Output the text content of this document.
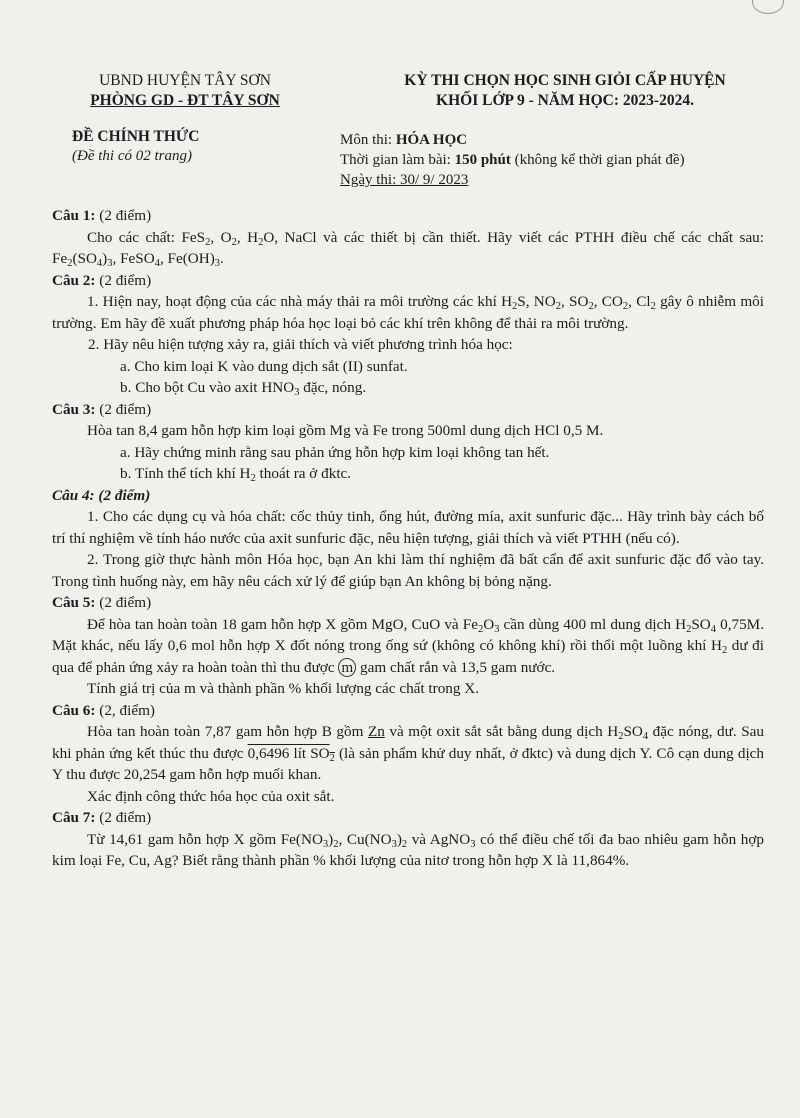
UBND HUYỆN TÂY SƠN
PHÒNG GD - ĐT TÂY SƠN
KỲ THI CHỌN HỌC SINH GIỎI CẤP HUYỆN
KHỐI LỚP 9 - NĂM HỌC: 2023-2024.
ĐỀ CHÍNH THỨC
(Đề thi có 02 trang)
Môn thi: HÓA HỌC
Thời gian làm bài: 150 phút (không kể thời gian phát đề)
Ngày thi: 30/ 9/ 2023

Câu 1: (2 điểm)

Cho các chất: FeS$_2$, $O_2$, $H_2O$, NaCl và các thiết bị cần thiết. Hãy viết các PTHH điều chế các chất sau: $Fe_2(SO_4)_3$, FeSO$_4$, $Fe(OH)_3$.

Câu 2: (2 điểm)

1. Hiện nay, hoạt động của các nhà máy thải ra môi trường các khí $H_2S$, $NO_2$, $SO_2$, $CO_2$, $Cl_2$ gây ô nhiễm môi trường. Em hãy đề xuất phương pháp hóa học loại bỏ các khí trên không để thải ra môi trường.

2. Hãy nêu hiện tượng xảy ra, giải thích và viết phương trình hóa học:

a. Cho kim loại K vào dung dịch sắt (II) sunfat.

b. Cho bột Cu vào axit $HNO_3$ đặc, nóng.

Câu 3: (2 điểm)

Hòa tan 8,4 gam hỗn hợp kim loại gồm Mg và Fe trong 500ml dung dịch HCl 0,5 M.

a. Hãy chứng minh rằng sau phản ứng hỗn hợp kim loại không tan hết.

b. Tính thể tích khí $H_2$ thoát ra ở đktc.

Câu 4: (2 điểm)

1. Cho các dụng cụ và hóa chất: cốc thủy tinh, ống hút, đường mía, axit sunfuric đặc... Hãy trình bày cách bố trí thí nghiệm về tính háo nước của axit sunfuric đặc, nêu hiện tượng, giải thích và viết PTHH (nếu có).

2. Trong giờ thực hành môn Hóa học, bạn An khi làm thí nghiệm đã bất cẩn để axit sunfuric đặc đổ vào tay. Trong tình huống này, em hãy nêu cách xử lý để giúp bạn An không bị bỏng nặng.

Câu 5: (2 điểm)

Để hòa tan hoàn toàn 18 gam hỗn hợp X gồm MgO, CuO và $Fe_2O_3$ cần dùng 400 ml dung dịch $H_2SO_4$ 0,75M. Mặt khác, nếu lấy 0,6 mol hỗn hợp X đốt nóng trong ống sứ (không có không khí) rồi thổi một luồng khí $H_2$ dư đi qua để phản ứng xảy ra hoàn toàn thì thu được m gam chất rắn và 13,5 gam nước.

Tính giá trị của m và thành phần % khối lượng các chất trong X.

Câu 6: (2, điểm)

Hòa tan hoàn toàn 7,87 gam hỗn hợp B gồm Zn và một oxit sắt sắt bằng dung dịch $H_2SO_4$ đặc nóng, dư. Sau khi phản ứng kết thúc thu được 0,6496 lít $SO_2$ (là sản phẩm khử duy nhất, ở đktc) và dung dịch Y. Cô cạn dung dịch Y thu được 20,254 gam hỗn hợp muối khan.

Xác định công thức hóa học của oxit sắt.

Câu 7: (2 điểm)

Từ 14,61 gam hỗn hợp X gồm $Fe(NO_3)_2$, $Cu(NO_3)_2$ và AgNO$_3$ có thể điều chế tối đa bao nhiêu gam hỗn hợp kim loại Fe, Cu, Ag? Biết rằng thành phần % khối lượng của nitơ trong hỗn hợp X là 11,864%.
